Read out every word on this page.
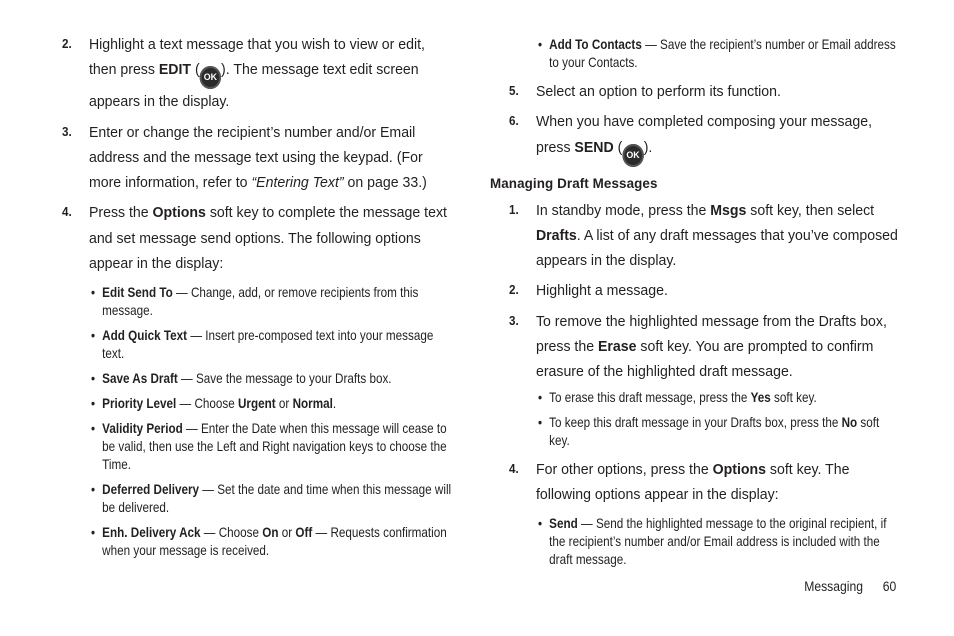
2.	Highlight a text message that you wish to view or edit, then press EDIT ( OK ). The message text edit screen appears in the display.
3.	Enter or change the recipient’s number and/or Email address and the message text using the keypad. (For more information, refer to “Entering Text” on page 33.)
4.	Press the Options soft key to complete the message text and set message send options. The following options appear in the display:
• Edit Send To — Change, add, or remove recipients from this message.
• Add Quick Text — Insert pre-composed text into your message text.
• Save As Draft — Save the message to your Drafts box.
• Priority Level — Choose Urgent or Normal.
• Validity Period — Enter the Date when this message will cease to be valid, then use the Left and Right navigation keys to choose the Time.
• Deferred Delivery — Set the date and time when this message will be delivered.
• Enh. Delivery Ack — Choose On or Off — Requests confirmation when your message is received.
• Add To Contacts — Save the recipient’s number or Email address to your Contacts.
5.	Select an option to perform its function.
6.	When you have completed composing your message, press SEND ( OK ).
Managing Draft Messages
1.	In standby mode, press the Msgs soft key, then select Drafts. A list of any draft messages that you’ve composed appears in the display.
2.	Highlight a message.
3.	To remove the highlighted message from the Drafts box, press the Erase soft key. You are prompted to confirm erasure of the highlighted draft message.
• To erase this draft message, press the Yes soft key.
• To keep this draft message in your Drafts box, press the No soft key.
4.	For other options, press the Options soft key. The following options appear in the display:
• Send — Send the highlighted message to the original recipient, if the recipient’s number and/or Email address is included with the draft message.
Messaging 60
